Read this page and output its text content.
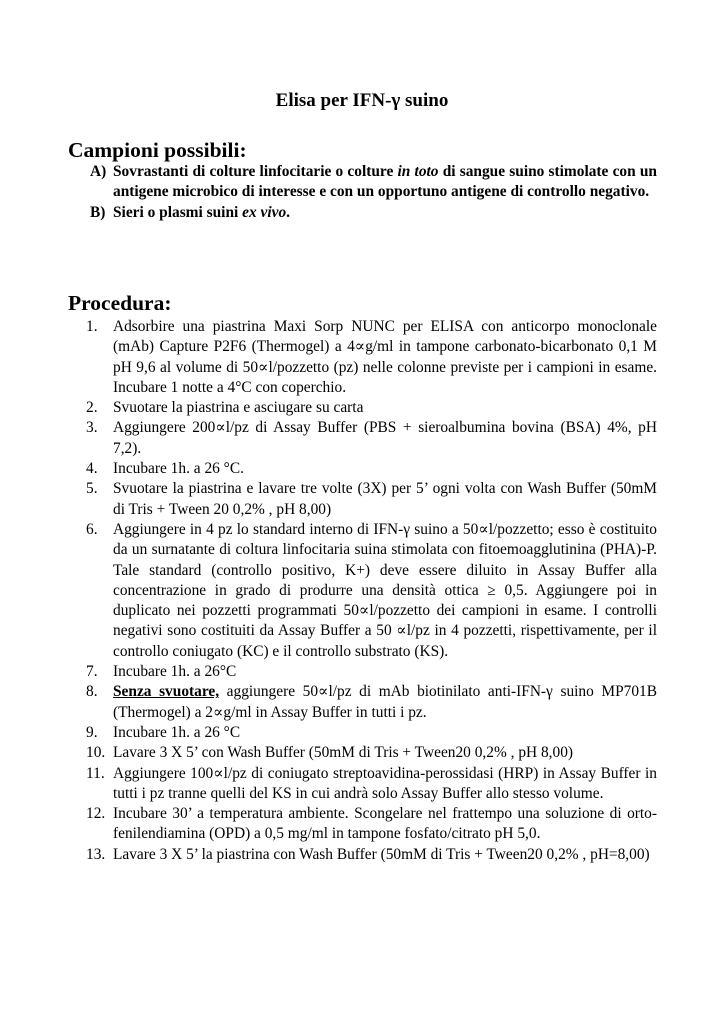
Elisa per IFN-γ suino
Campioni possibili:
A) Sovrastanti di colture linfocitarie o colture in toto di sangue suino stimolate con un antigene microbico di interesse e con un opportuno antigene di controllo negativo.
B) Sieri o plasmi suini ex vivo.
Procedura:
1. Adsorbire una piastrina Maxi Sorp NUNC per ELISA con anticorpo monoclonale (mAb) Capture P2F6 (Thermogel) a 4∝g/ml in tampone carbonato-bicarbonato 0,1 M pH 9,6 al volume di 50∝l/pozzetto (pz) nelle colonne previste per i campioni in esame. Incubare 1 notte a 4°C con coperchio.
2. Svuotare la piastrina e asciugare su carta
3. Aggiungere 200∝l/pz di Assay Buffer (PBS + sieroalbumina bovina (BSA) 4%, pH 7,2).
4. Incubare 1h. a 26 °C.
5. Svuotare la piastrina e lavare tre volte (3X) per 5’ ogni volta con Wash Buffer (50mM di Tris + Tween 20 0,2% , pH 8,00)
6. Aggiungere in 4 pz lo standard interno di IFN-γ suino a 50∝l/pozzetto; esso è costituito da un surnatante di coltura linfocitaria suina stimolata con fitoemoagglutinina (PHA)-P. Tale standard (controllo positivo, K+) deve essere diluito in Assay Buffer alla concentrazione in grado di produrre una densità ottica ≥ 0,5. Aggiungere poi in duplicato nei pozzetti programmati 50∝l/pozzetto dei campioni in esame. I controlli negativi sono costituiti da Assay Buffer a 50 ∝l/pz in 4 pozzetti, rispettivamente, per il controllo coniugato (KC) e il controllo substrato (KS).
7. Incubare 1h. a 26°C
8. Senza svuotare, aggiungere 50∝l/pz di mAb biotinilato anti-IFN-γ suino MP701B (Thermogel) a 2∝g/ml in Assay Buffer in tutti i pz.
9. Incubare 1h. a 26 °C
10. Lavare 3 X 5’ con Wash Buffer (50mM di Tris + Tween20 0,2% , pH 8,00)
11. Aggiungere 100∝l/pz di coniugato streptoavidina-perossidasi (HRP) in Assay Buffer in tutti i pz tranne quelli del KS in cui andrà solo Assay Buffer allo stesso volume.
12. Incubare 30’ a temperatura ambiente. Scongelare nel frattempo una soluzione di orto-fenilendiamina (OPD) a 0,5 mg/ml in tampone fosfato/citrato pH 5,0.
13. Lavare 3 X 5’ la piastrina con Wash Buffer (50mM di Tris + Tween20 0,2% , pH=8,00)
